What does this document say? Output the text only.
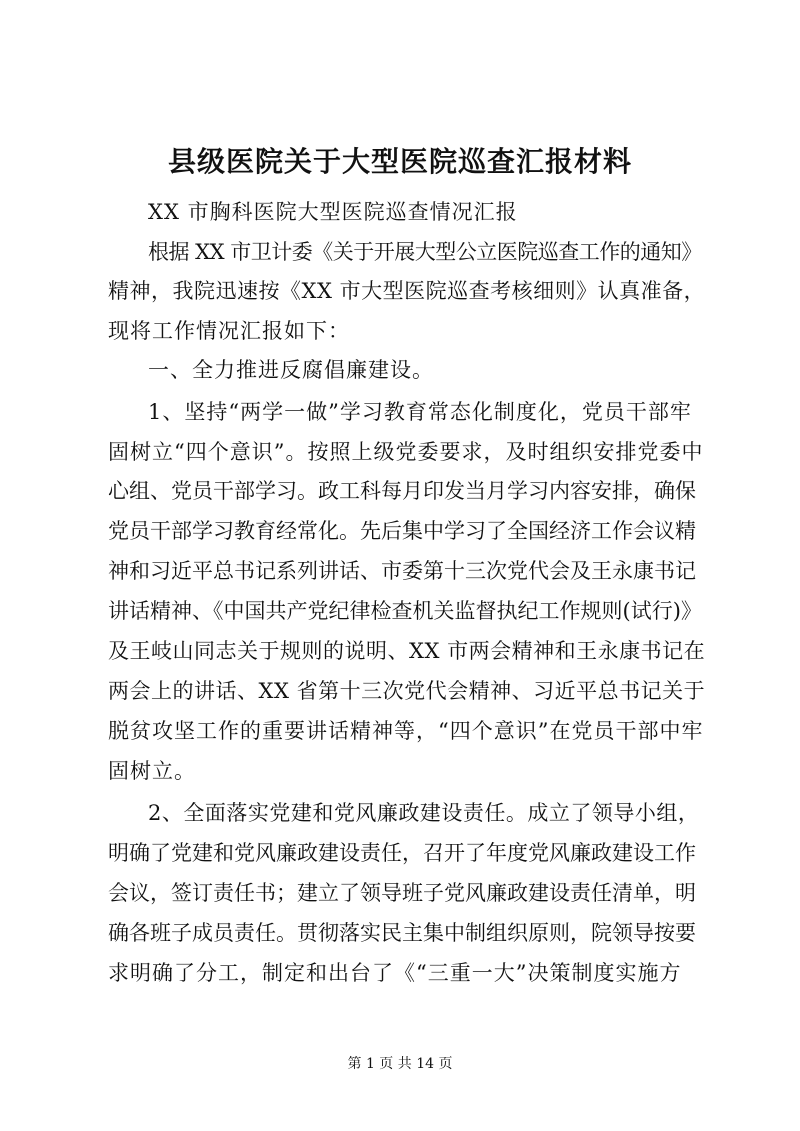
县级医院关于大型医院巡查汇报材料

XX 市胸科医院大型医院巡查情况汇报

根据 XX 市卫计委《关于开展大型公立医院巡查工作的通知》

精神，我院迅速按《XX 市大型医院巡查考核细则》认真准备，

现将工作情况汇报如下：

一、全力推进反腐倡廉建设。

1、坚持“两学一做”学习教育常态化制度化，党员干部牢

固树立“四个意识”。按照上级党委要求，及时组织安排党委中

心组、党员干部学习。政工科每月印发当月学习内容安排，确保

党员干部学习教育经常化。先后集中学习了全国经济工作会议精

神和习近平总书记系列讲话、市委第十三次党代会及王永康书记

讲话精神、《中国共产党纪律检查机关监督执纪工作规则(试行)》

及王岐山同志关于规则的说明、XX 市两会精神和王永康书记在

两会上的讲话、XX 省第十三次党代会精神、习近平总书记关于

脱贫攻坚工作的重要讲话精神等，“四个意识”在党员干部中牢

固树立。

2、全面落实党建和党风廉政建设责任。成立了领导小组，

明确了党建和党风廉政建设责任，召开了年度党风廉政建设工作

会议，签订责任书；建立了领导班子党风廉政建设责任清单，明

确各班子成员责任。贯彻落实民主集中制组织原则，院领导按要

求明确了分工，制定和出台了《“三重一大”决策制度实施方

第 1 页 共 14 页
